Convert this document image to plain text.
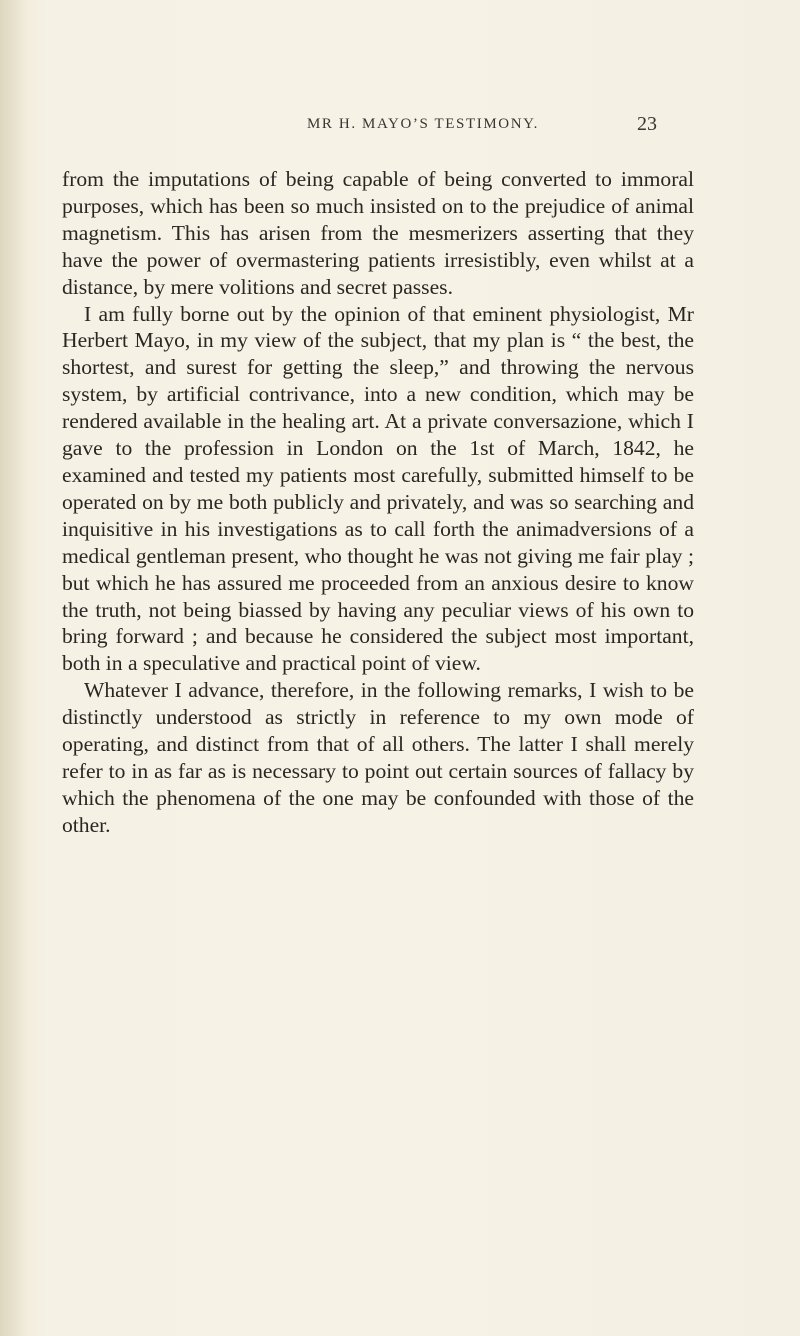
MR H. MAYO’S TESTIMONY.	23

from the imputations of being capable of being converted to immoral purposes, which has been so much insisted on to the prejudice of animal magnetism. This has arisen from the mesmerizers asserting that they have the power of overmastering patients irresistibly, even whilst at a distance, by mere volitions and secret passes.

I am fully borne out by the opinion of that eminent physiologist, Mr Herbert Mayo, in my view of the subject, that my plan is “ the best, the shortest, and surest for getting the sleep,” and throwing the nervous system, by artificial contrivance, into a new condition, which may be rendered available in the healing art. At a private conversazione, which I gave to the profession in London on the 1st of March, 1842, he examined and tested my patients most carefully, submitted himself to be operated on by me both publicly and privately, and was so searching and inquisitive in his investigations as to call forth the animadversions of a medical gentleman present, who thought he was not giving me fair play ; but which he has assured me proceeded from an anxious desire to know the truth, not being biassed by having any peculiar views of his own to bring forward ; and because he considered the subject most important, both in a speculative and practical point of view.

Whatever I advance, therefore, in the following remarks, I wish to be distinctly understood as strictly in reference to my own mode of operating, and distinct from that of all others. The latter I shall merely refer to in as far as is necessary to point out certain sources of fallacy by which the phenomena of the one may be confounded with those of the other.
